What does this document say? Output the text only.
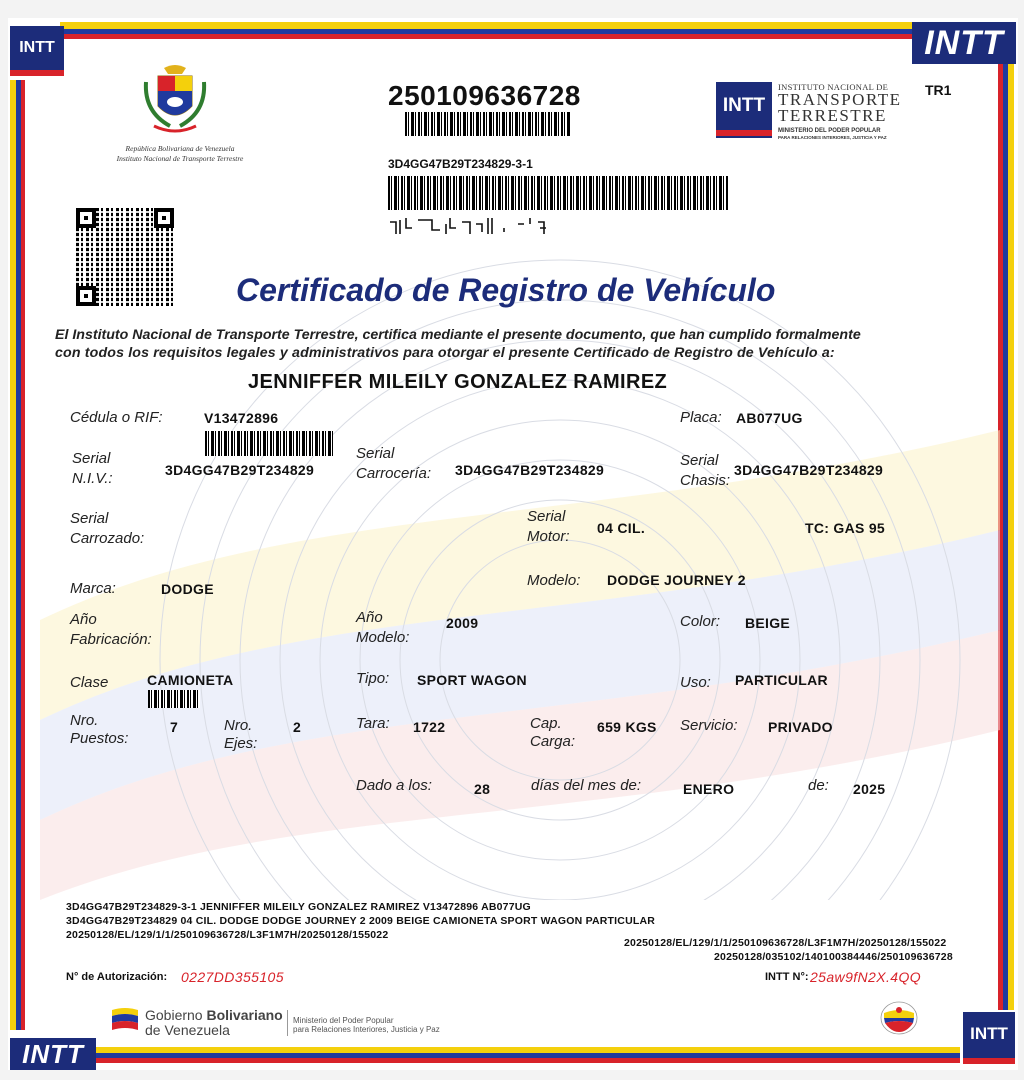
INTT	INTT
República Bolivariana de Venezuela
Instituto Nacional de Transporte Terrestre
250109636728
3D4GG47B29T234829-3-1
INTT
INSTITUTO NACIONAL DE
TRANSPORTE
TERRESTRE
MINISTERIO DEL PODER POPULAR
PARA RELACIONES INTERIORES, JUSTICIA Y PAZ
TR1
Certificado de Registro de Vehículo
El Instituto Nacional de Transporte Terrestre, certifica mediante el presente documento, que han cumplido formalmente
con todos los requisitos legales y administrativos para otorgar el presente Certificado de Registro de Vehículo a:
JENNIFFER MILEILY GONZALEZ RAMIREZ
Cédula o RIF:	V13472896	Placa: AB077UG
Serial
N.I.V.:	3D4GG47B29T234829
Serial
Carrocería: 3D4GG47B29T234829
Serial
Chasis:
3D4GG47B29T234829
Serial
Carrozado:
Serial
Motor: 04 CIL.	TC: GAS 95
Marca:	DODGE	Modelo: DODGE JOURNEY 2
Año
Fabricación:
Año
Modelo:
2009	Color: BEIGE
Clase	CAMIONETA	Tipo: SPORT WAGON	Uso: PARTICULAR
Nro.
Puestos:
7	Nro.
Ejes:
2	Tara: 1722	Cap.
Carga:
659 KGS Servicio: PRIVADO
Dado a los:	28	días del mes de:	ENERO	de: 2025
3D4GG47B29T234829-3-1 JENNIFFER MILEILY GONZALEZ RAMIREZ V13472896 AB077UG
3D4GG47B29T234829 04 CIL. DODGE DODGE JOURNEY 2 2009 BEIGE CAMIONETA SPORT WAGON PARTICULAR
20250128/EL/129/1/1/250109636728/L3F1M7H/20250128/155022
20250128/EL/129/1/1/250109636728/L3F1M7H/20250128/155022
20250128/035102/140100384446/250109636728
N° de Autorización: 0227DD355105	INTT N°: 25aw9fN2X.4QQ
Gobierno Bolivariano
de Venezuela
Ministerio del Poder Popular
para Relaciones Interiores, Justicia y Paz	INTT
INTT
